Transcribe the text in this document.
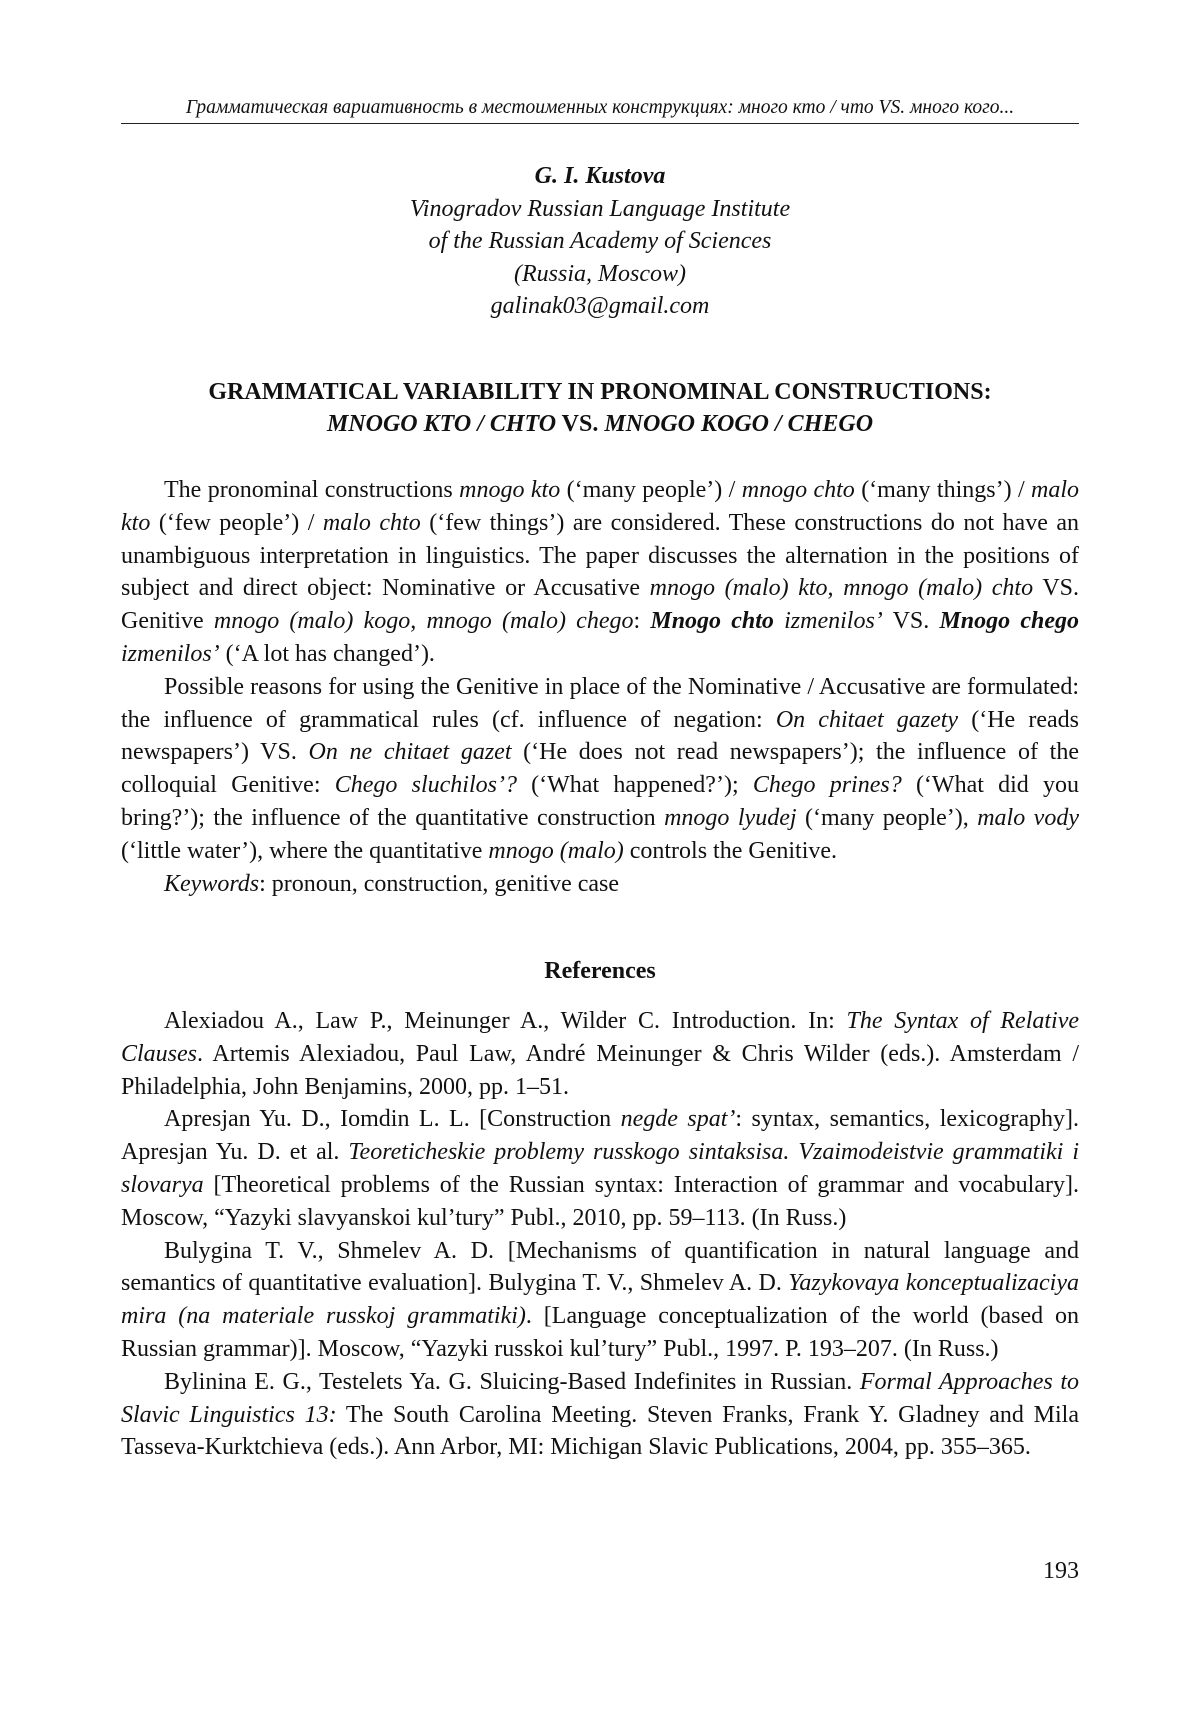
Грамматическая вариативность в местоименных конструкциях: много кто / что VS. много кого...
G. I. Kustova
Vinogradov Russian Language Institute
of the Russian Academy of Sciences
(Russia, Moscow)
galinak03@gmail.com
GRAMMATICAL VARIABILITY IN PRONOMINAL CONSTRUCTIONS:
MNOGO KTO / CHTO VS. MNOGO KOGO / CHEGO

The pronominal constructions mnogo kto (‘many people’) / mnogo chto (‘many things’) / malo kto (‘few people’) / malo chto (‘few things’) are considered. These constructions do not have an unambiguous interpretation in linguistics. The paper discusses the alternation in the positions of subject and direct object: Nominative or Accusative mnogo (malo) kto, mnogo (malo) chto VS. Genitive mnogo (malo) kogo, mnogo (malo) chego: Mnogo chto izmenilos’ VS. Mnogo chego izmenilos’ (‘A lot has changed’).

Possible reasons for using the Genitive in place of the Nominative / Accusative are formulated: the influence of grammatical rules (cf. influence of negation: On chitaet gazety (‘He reads newspapers’) VS. On ne chitaet gazet (‘He does not read newspapers’); the influence of the colloquial Genitive: Chego sluchilos’? (‘What happened?’); Chego prines? (‘What did you bring?’); the influence of the quantitative construction mnogo lyudej (‘many people’), malo vody (‘little water’), where the quantitative mnogo (malo) controls the Genitive.

Keywords: pronoun, construction, genitive case

References

Alexiadou A., Law P., Meinunger A., Wilder C. Introduction. In: The Syntax of Relative Clauses. Artemis Alexiadou, Paul Law, André Meinunger & Chris Wilder (eds.). Amsterdam / Philadelphia, John Benjamins, 2000, pp. 1–51.

Apresjan Yu. D., Iomdin L. L. [Construction negde spat’: syntax, semantics, lexicography]. Apresjan Yu. D. et al. Teoreticheskie problemy russkogo sintaksisa. Vzaimodeistvie grammatiki i slovarya [Theoretical problems of the Russian syntax: Interaction of grammar and vocabulary]. Moscow, “Yazyki slavyanskoi kul’tury” Publ., 2010, pp. 59–113. (In Russ.)

Bulygina T. V., Shmelev A. D. [Mechanisms of quantification in natural language and semantics of quantitative evaluation]. Bulygina T. V., Shmelev A. D. Yazykovaya konceptualizaciya mira (na materiale russkoj grammatiki). [Language conceptualization of the world (based on Russian grammar)]. Moscow, “Yazyki russkoi kul’tury” Publ., 1997. P. 193–207. (In Russ.)

Bylinina E. G., Testelets Ya. G. Sluicing-Based Indefinites in Russian. Formal Approaches to Slavic Linguistics 13: The South Carolina Meeting. Steven Franks, Frank Y. Gladney and Mila Tasseva-Kurktchieva (eds.). Ann Arbor, MI: Michigan Slavic Publications, 2004, pp. 355–365.

193
